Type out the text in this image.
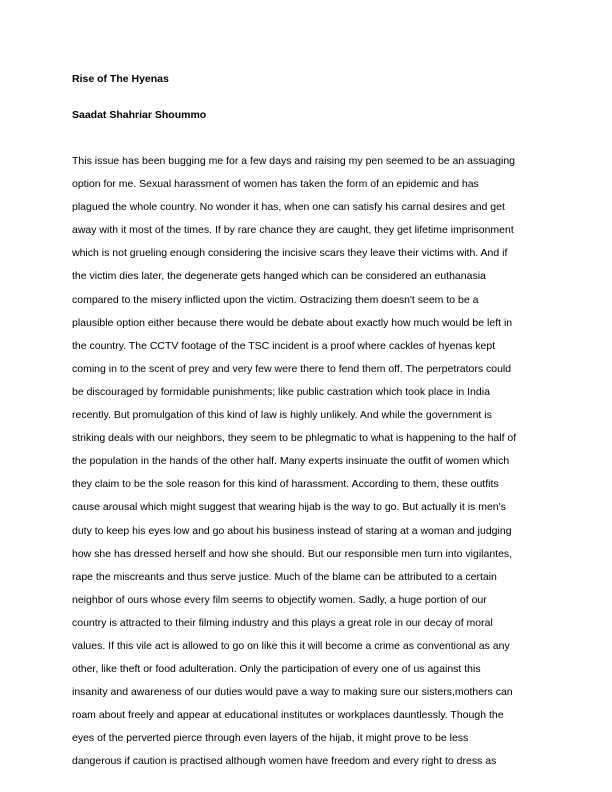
Rise of The Hyenas
Saadat Shahriar Shoummo
This issue has been bugging me for a few days and raising my pen seemed to be an assuaging
option for me. Sexual harassment of women has taken the form of an epidemic and has
plagued the whole country. No wonder it has, when one can satisfy his carnal desires and get
away with it most of the times. If by rare chance they are caught, they get lifetime imprisonment
which is not grueling enough considering the incisive scars they leave their victims with. And if
the victim dies later, the degenerate gets hanged which can be considered an euthanasia
compared to the misery inflicted upon the victim. Ostracizing them doesn't seem to be a
plausible option either because there would be debate about exactly how much would be left in
the country. The CCTV footage of the TSC incident is a proof where cackles of hyenas kept
coming in to the scent of prey and very few were there to fend them off. The perpetrators could
be discouraged by formidable punishments; like public castration which took place in India
recently. But promulgation of this kind of law is highly unlikely. And while the government is
striking deals with our neighbors, they seem to be phlegmatic to what is happening to the half of
the population in the hands of the other half. Many experts insinuate the outfit of women which
they claim to be the sole reason for this kind of harassment. According to them, these outfits
cause arousal which might suggest that wearing hijab is the way to go. But actually it is men's
duty to keep his eyes low and go about his business instead of staring at a woman and judging
how she has dressed herself and how she should. But our responsible men turn into vigilantes,
rape the miscreants and thus serve justice. Much of the blame can be attributed to a certain
neighbor of ours whose every film seems to objectify women. Sadly, a huge portion of our
country is attracted to their filming industry and this plays a great role in our decay of moral
values. If this vile act is allowed to go on like this it will become a crime as conventional as any
other, like theft or food adulteration. Only the participation of every one of us against this
insanity and awareness of our duties would pave a way to making sure our sisters,mothers can
roam about freely and appear at educational institutes or workplaces dauntlessly. Though the
eyes of the perverted pierce through even layers of the hijab, it might prove to be less
dangerous if caution is practised although women have freedom and every right to dress as
